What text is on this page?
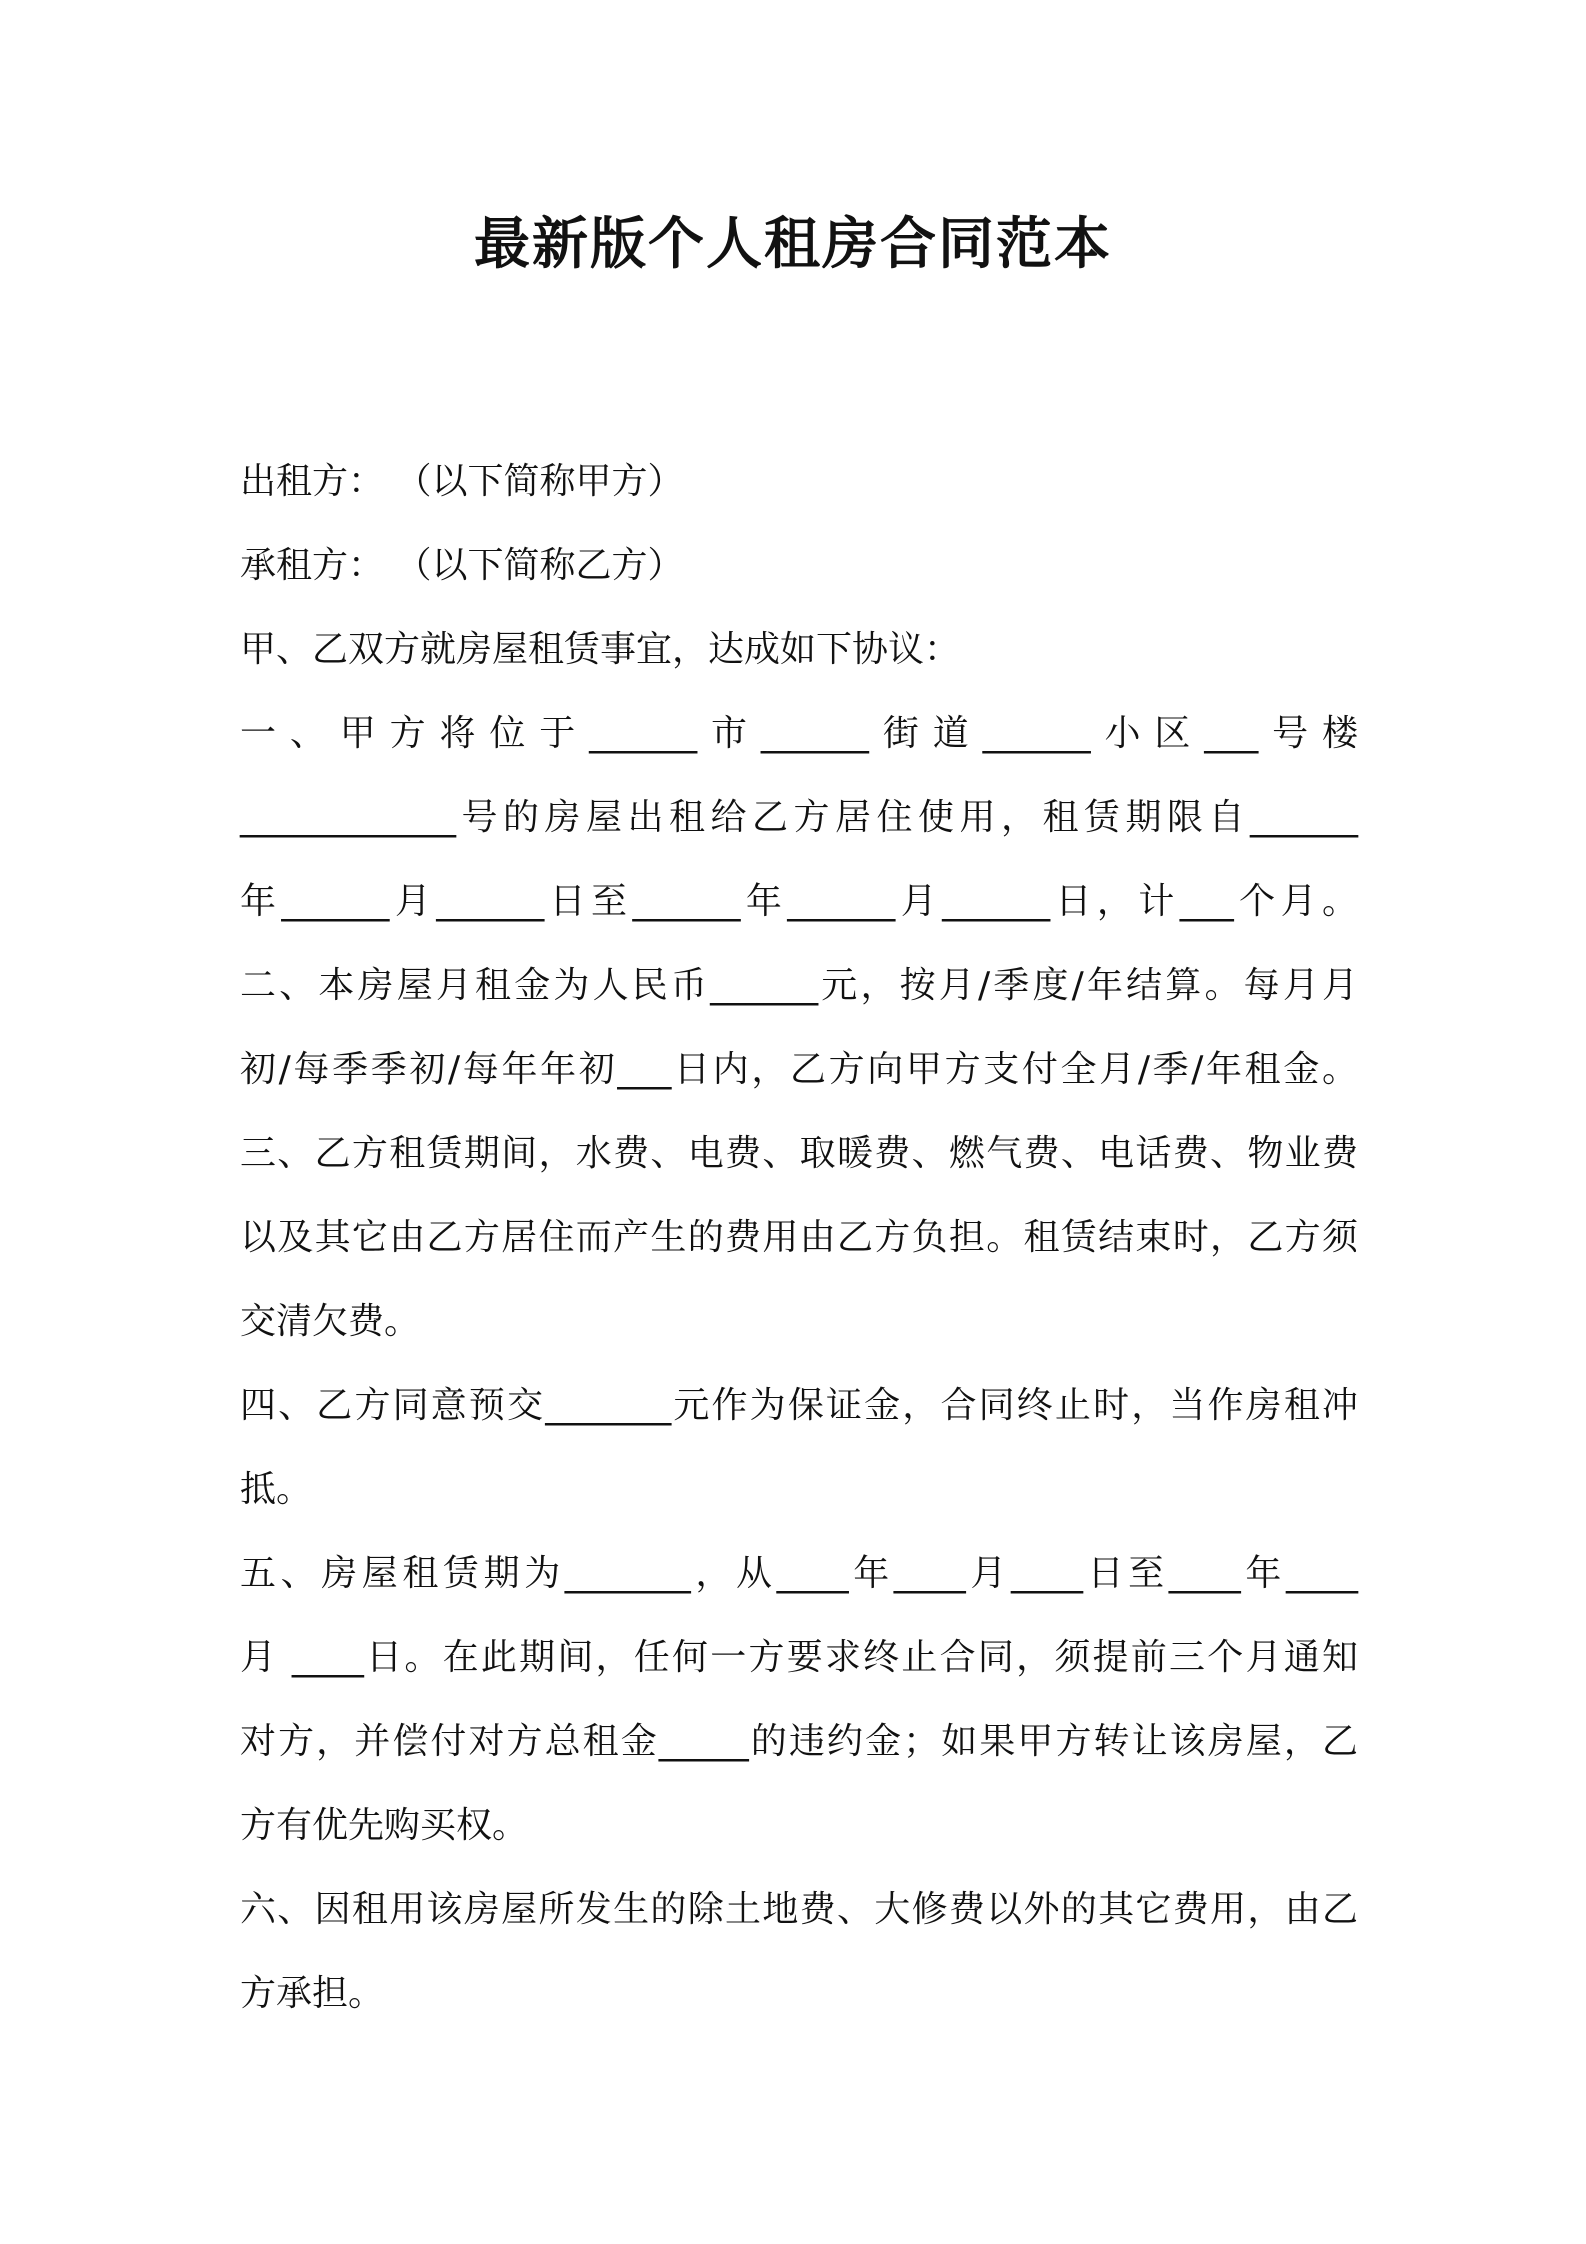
最新版个人租房合同范本
出租方： （以下简称甲方）
承租方： （以下简称乙方）
甲、乙双方就房屋租赁事宜，达成如下协议：
一、甲方将位于______市______街道______小区___号楼
____________号的房屋出租给乙方居住使用，租赁期限自______
年______月______日至______年______月______日，计___个月。
二、本房屋月租金为人民币______元，按月/季度/年结算。每月月
初/每季季初/每年年初___日内，乙方向甲方支付全月/季/年租金。
三、乙方租赁期间，水费、电费、取暖费、燃气费、电话费、物业费
以及其它由乙方居住而产生的费用由乙方负担。租赁结束时，乙方须
交清欠费。
四、乙方同意预交_______元作为保证金，合同终止时，当作房租冲
抵。
五、房屋租赁期为_______，从____年____月____日至____年____
月 ____日。在此期间，任何一方要求终止合同，须提前三个月通知
对方，并偿付对方总租金_____的违约金；如果甲方转让该房屋，乙
方有优先购买权。
六、因租用该房屋所发生的除土地费、大修费以外的其它费用，由乙
方承担。
